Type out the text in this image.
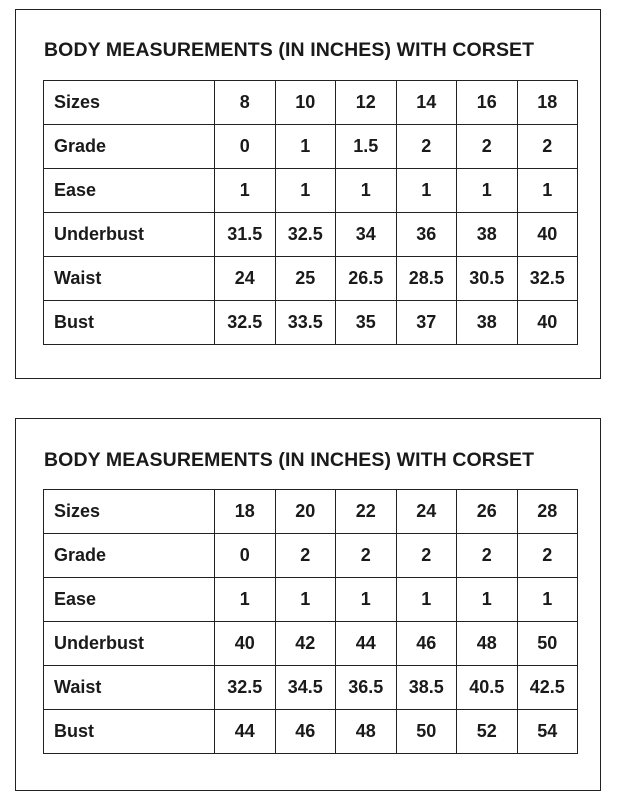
BODY MEASUREMENTS (IN INCHES) WITH CORSET
Sizes	8	10	12	14	16	18
Grade	0	1	1.5	2	2	2
Ease	1	1	1	1	1	1
Underbust	31.5	32.5	34	36	38	40
Waist	24	25	26.5	28.5	30.5	32.5
Bust	32.5	33.5	35	37	38	40
BODY MEASUREMENTS (IN INCHES) WITH CORSET
Sizes	18	20	22	24	26	28
Grade	0	2	2	2	2	2
Ease	1	1	1	1	1	1
Underbust	40	42	44	46	48	50
Waist	32.5	34.5	36.5	38.5	40.5	42.5
Bust	44	46	48	50	52	54
